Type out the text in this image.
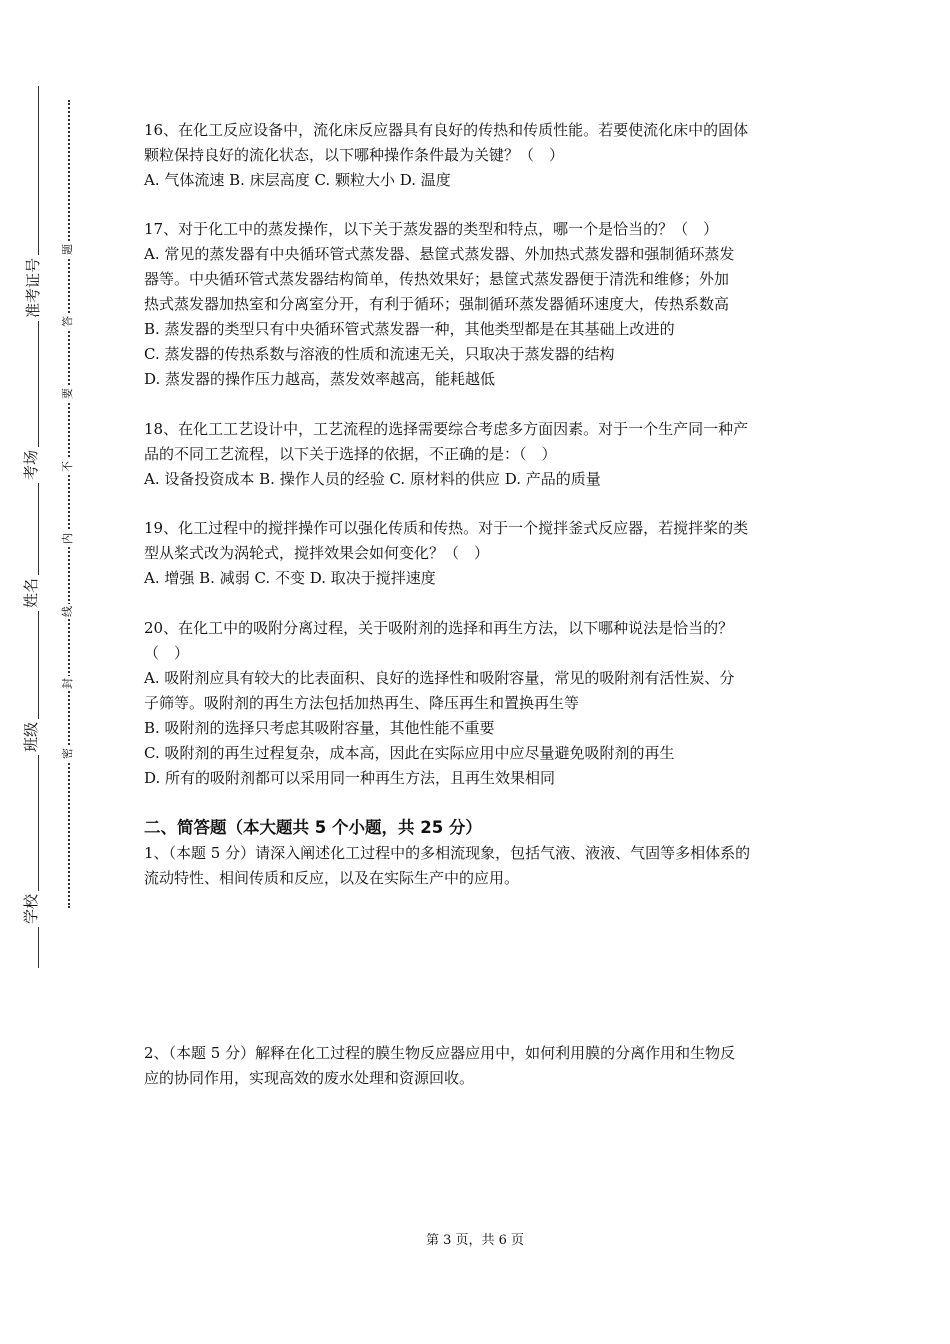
准考证号
考场
姓名
班级
学校
题
答
要
不
内
线
封
密
16、在化工反应设备中，流化床反应器具有良好的传热和传质性能。若要使流化床中的固体
颗粒保持良好的流化状态，以下哪种操作条件最为关键？（　）
A. 气体流速 B. 床层高度 C. 颗粒大小 D. 温度
17、对于化工中的蒸发操作，以下关于蒸发器的类型和特点，哪一个是恰当的？（　）
A. 常见的蒸发器有中央循环管式蒸发器、悬筐式蒸发器、外加热式蒸发器和强制循环蒸发
器等。中央循环管式蒸发器结构简单，传热效果好；悬筐式蒸发器便于清洗和维修；外加
热式蒸发器加热室和分离室分开，有利于循环；强制循环蒸发器循环速度大，传热系数高
B. 蒸发器的类型只有中央循环管式蒸发器一种，其他类型都是在其基础上改进的
C. 蒸发器的传热系数与溶液的性质和流速无关，只取决于蒸发器的结构
D. 蒸发器的操作压力越高，蒸发效率越高，能耗越低
18、在化工工艺设计中，工艺流程的选择需要综合考虑多方面因素。对于一个生产同一种产
品的不同工艺流程，以下关于选择的依据，不正确的是：（　）
A. 设备投资成本 B. 操作人员的经验 C. 原材料的供应 D. 产品的质量
19、化工过程中的搅拌操作可以强化传质和传热。对于一个搅拌釜式反应器，若搅拌桨的类
型从桨式改为涡轮式，搅拌效果会如何变化？（　）
A. 增强 B. 减弱 C. 不变 D. 取决于搅拌速度
20、在化工中的吸附分离过程，关于吸附剂的选择和再生方法，以下哪种说法是恰当的？
（　）
A. 吸附剂应具有较大的比表面积、良好的选择性和吸附容量，常见的吸附剂有活性炭、分
子筛等。吸附剂的再生方法包括加热再生、降压再生和置换再生等
B. 吸附剂的选择只考虑其吸附容量，其他性能不重要
C. 吸附剂的再生过程复杂，成本高，因此在实际应用中应尽量避免吸附剂的再生
D. 所有的吸附剂都可以采用同一种再生方法，且再生效果相同
二、简答题（本大题共 5 个小题，共 25 分）
1、（本题 5 分）请深入阐述化工过程中的多相流现象，包括气液、液液、气固等多相体系的
流动特性、相间传质和反应，以及在实际生产中的应用。
2、（本题 5 分）解释在化工过程的膜生物反应器应用中，如何利用膜的分离作用和生物反
应的协同作用，实现高效的废水处理和资源回收。
第 3 页，共 6 页
